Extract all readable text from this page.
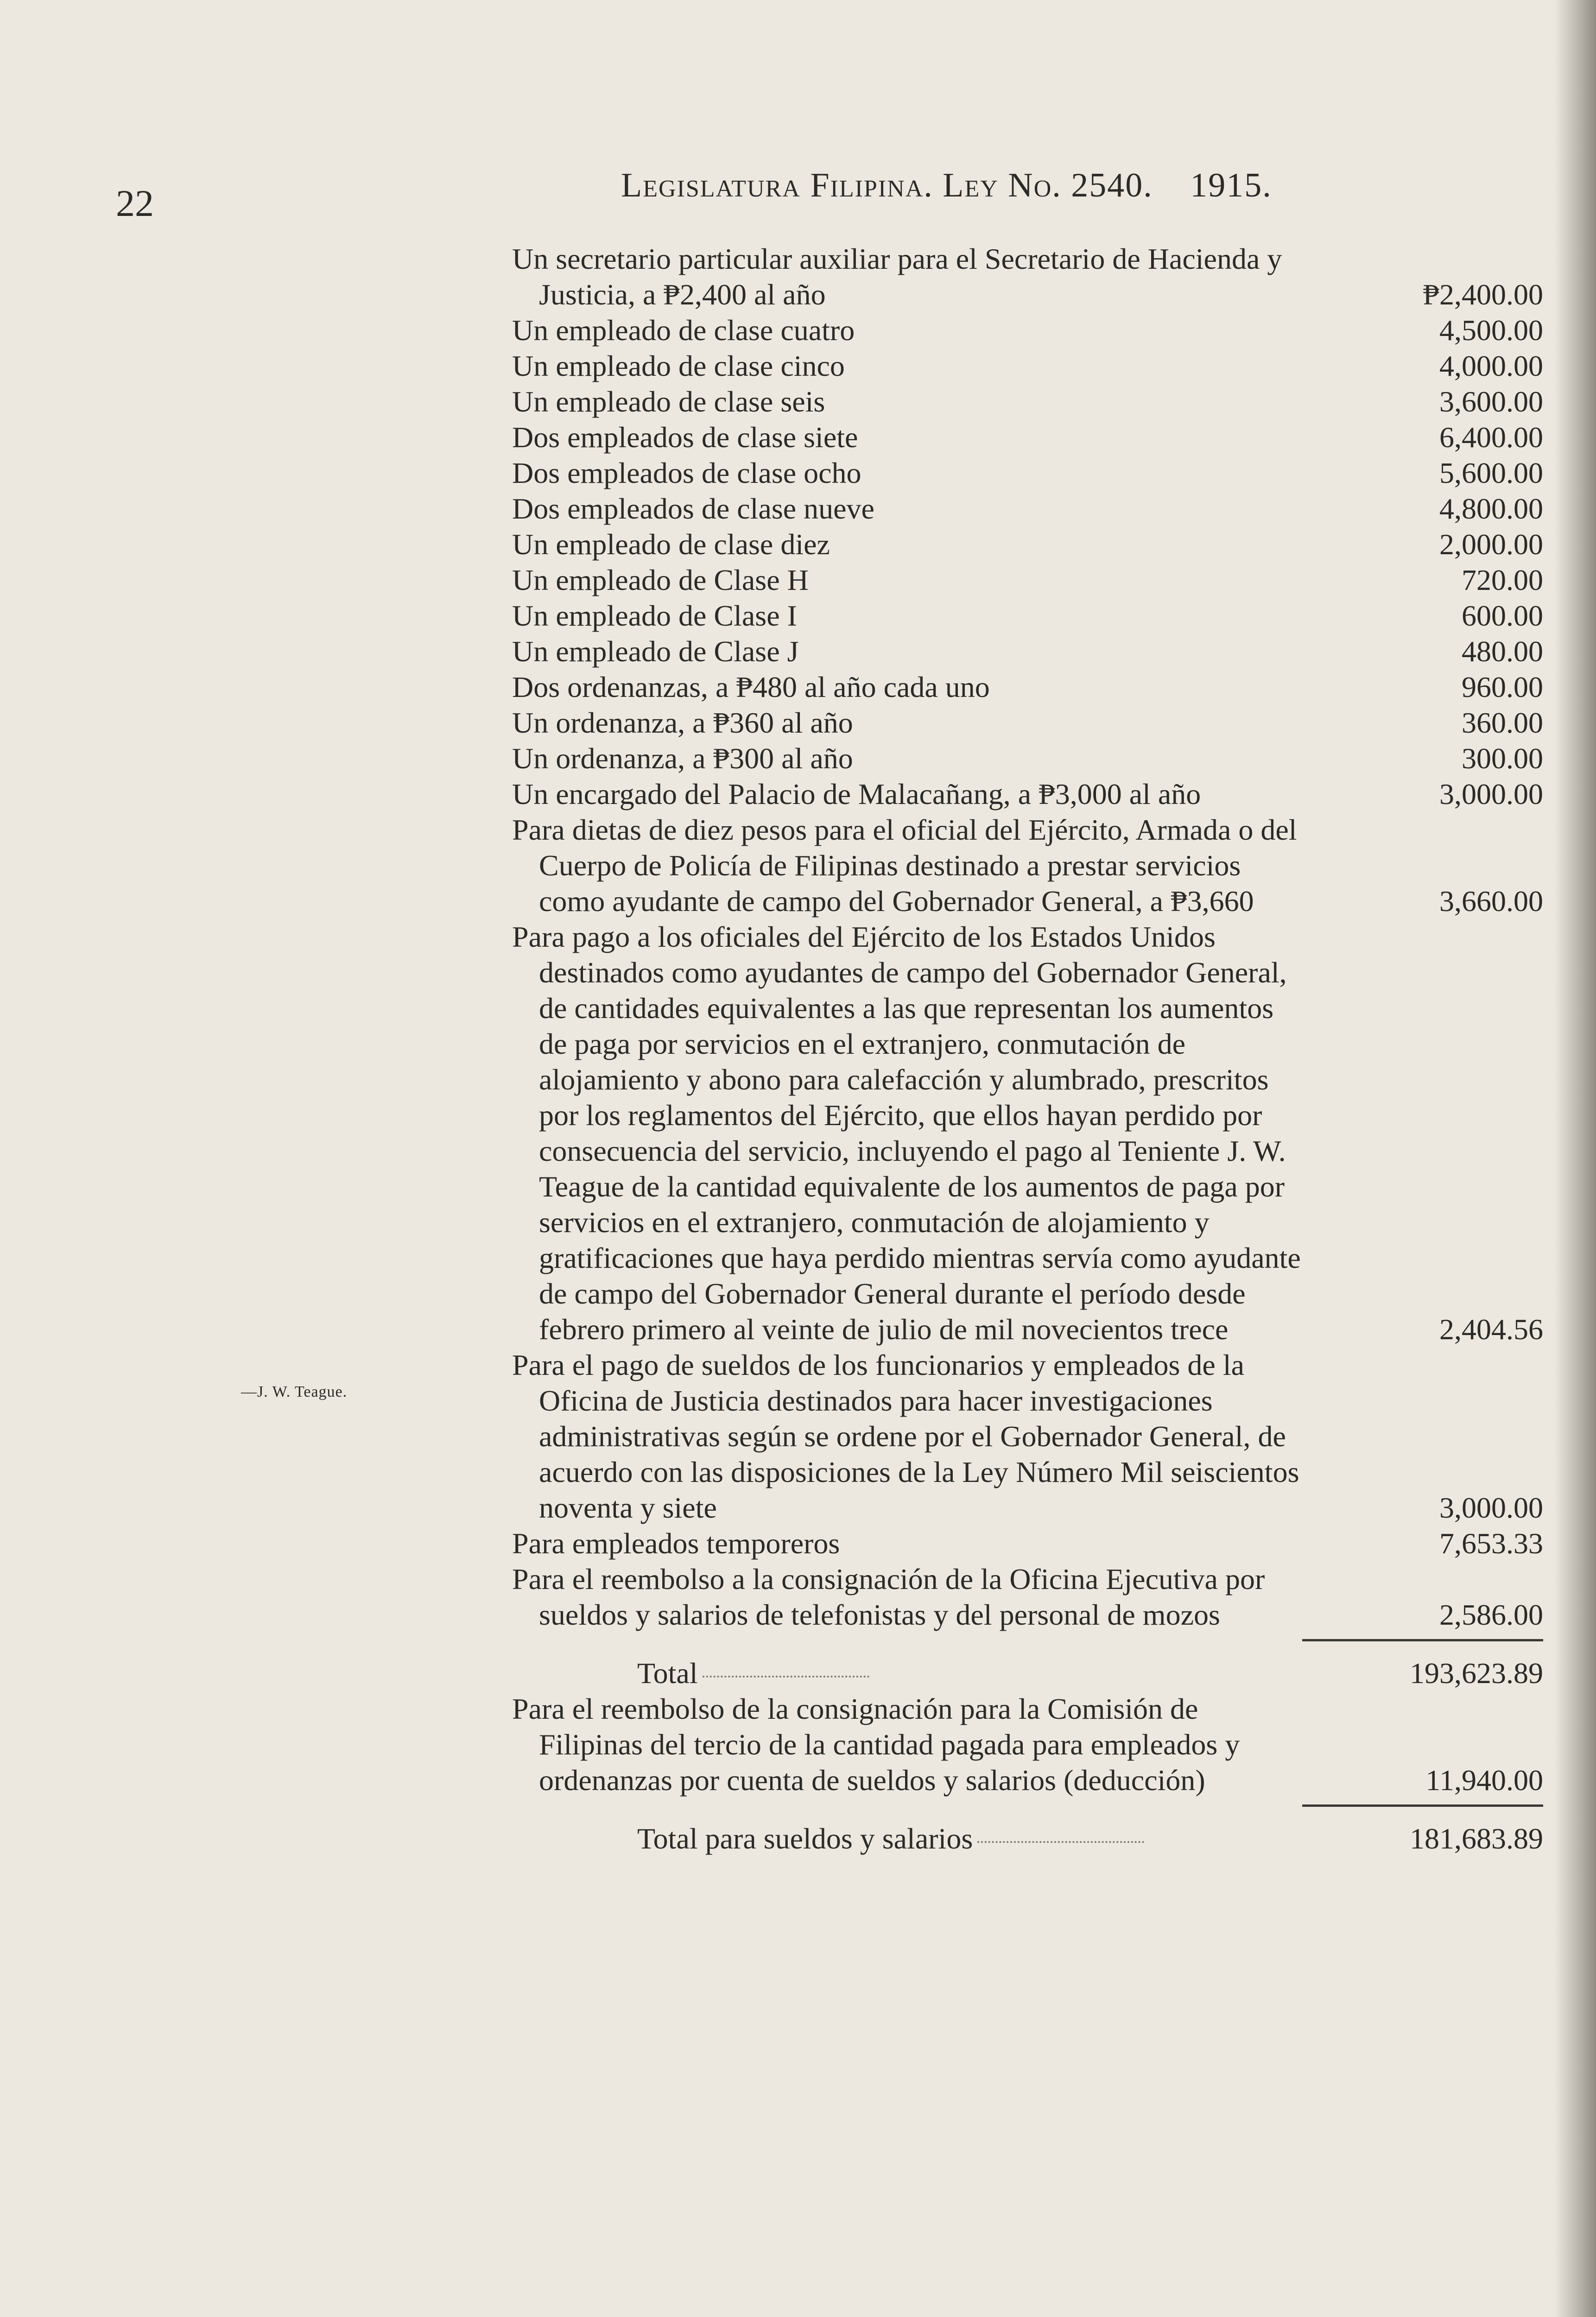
22	Legislatura Filipina. Ley No. 2540. 1915.
—J. W. Teague.
Un secretario particular auxiliar para el Secretario de Hacienda y Justicia, a ₱2,400 al año	₱2,400.00
Un empleado de clase cuatro	4,500.00
Un empleado de clase cinco	4,000.00
Un empleado de clase seis	3,600.00
Dos empleados de clase siete	6,400.00
Dos empleados de clase ocho	5,600.00
Dos empleados de clase nueve	4,800.00
Un empleado de clase diez	2,000.00
Un empleado de Clase H	720.00
Un empleado de Clase I	600.00
Un empleado de Clase J	480.00
Dos ordenanzas, a ₱480 al año cada uno	960.00
Un ordenanza, a ₱360 al año	360.00
Un ordenanza, a ₱300 al año	300.00
Un encargado del Palacio de Malacañang, a ₱3,000 al año	3,000.00
Para dietas de diez pesos para el oficial del Ejército, Armada o del Cuerpo de Policía de Filipinas destinado a prestar servicios como ayudante de campo del Gobernador General, a ₱3,660	3,660.00
Para pago a los oficiales del Ejército de los Estados Unidos destinados como ayudantes de campo del Gobernador General, de cantidades equivalentes a las que representan los aumentos de paga por servicios en el extranjero, conmutación de alojamiento y abono para calefacción y alumbrado, prescritos por los reglamentos del Ejército, que ellos hayan perdido por consecuencia del servicio, incluyendo el pago al Teniente J. W. Teague de la cantidad equivalente de los aumentos de paga por servicios en el extranjero, conmutación de alojamiento y gratificaciones que haya perdido mientras servía como ayudante de campo del Gobernador General durante el período desde febrero primero al veinte de julio de mil novecientos trece	2,404.56
Para el pago de sueldos de los funcionarios y empleados de la Oficina de Justicia destinados para hacer investigaciones administrativas según se ordene por el Gobernador General, de acuerdo con las disposiciones de la Ley Número Mil seiscientos noventa y siete	3,000.00
Para empleados temporeros	7,653.33
Para el reembolso a la consignación de la Oficina Ejecutiva por sueldos y salarios de telefonistas y del personal de mozos	2,586.00
Total	193,623.89
Para el reembolso de la consignación para la Comisión de Filipinas del tercio de la cantidad pagada para empleados y ordenanzas por cuenta de sueldos y salarios (deducción)	11,940.00
Total para sueldos y salarios	181,683.89
